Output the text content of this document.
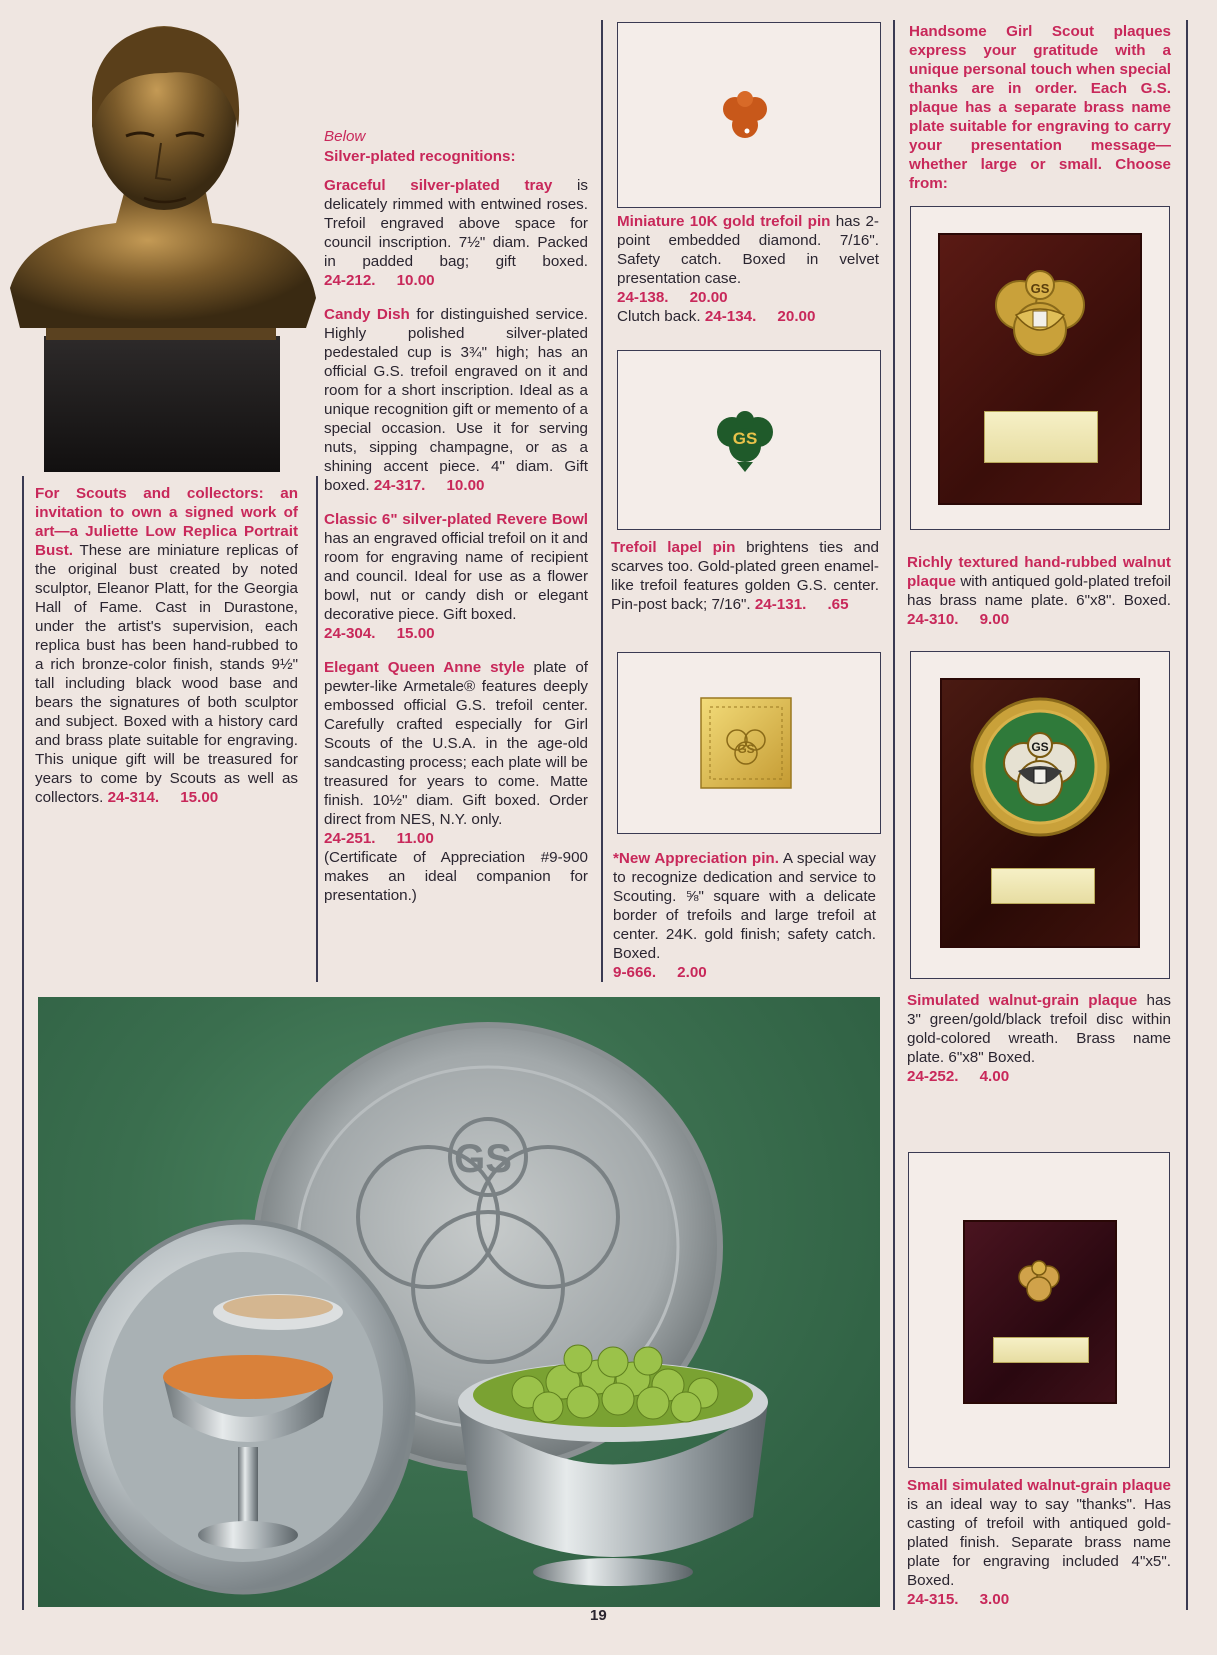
For Scouts and collectors: an invitation to own a signed work of art—a Juliette Low Replica Portrait Bust. These are miniature replicas of the original bust created by noted sculptor, Eleanor Platt, for the Georgia Hall of Fame. Cast in Durastone, under the artist's supervision, each replica bust has been hand-rubbed to a rich bronze-color finish, stands 9½" tall including black wood base and bears the signatures of both sculptor and subject. Boxed with a history card and brass plate suitable for engraving. This unique gift will be treasured for years to come by Scouts as well as collectors. 24-314.     15.00
Below
Silver-plated recognitions:

Graceful silver-plated tray is delicately rimmed with entwined roses. Trefoil engraved above space for council inscription. 7½" diam. Packed in padded bag; gift boxed. 24-212.     10.00

Candy Dish for distinguished service. Highly polished silver-plated pedestaled cup is 3¾" high; has an official G.S. trefoil engraved on it and room for a short inscription. Ideal as a unique recognition gift or memento of a special occasion. Use it for serving nuts, sipping champagne, or as a shining accent piece. 4" diam. Gift boxed. 24-317.     10.00

Classic 6" silver-plated Revere Bowl has an engraved official trefoil on it and room for engraving name of recipient and council. Ideal for use as a flower bowl, nut or candy dish or elegant decorative piece. Gift boxed.
24-304.     15.00

Elegant Queen Anne style plate of pewter-like Armetale® features deeply embossed official G.S. trefoil center. Carefully crafted especially for Girl Scouts of the U.S.A. in the age-old sandcasting process; each plate will be treasured for years to come. Matte finish. 10½" diam. Gift boxed. Order direct from NES, N.Y. only.
24-251.     11.00
(Certificate of Appreciation #9-900 makes an ideal companion for presentation.)

Miniature 10K gold trefoil pin has 2-point embedded diamond. 7/16". Safety catch. Boxed in velvet presentation case.
24-138.     20.00
Clutch back. 24-134.     20.00
GS
Trefoil lapel pin brightens ties and scarves too. Gold-plated green enamel-like trefoil features golden G.S. center. Pin-post back; 7/16". 24-131.     .65
GS
*New Appreciation pin. A special way to recognize dedication and service to Scouting. ⅝" square with a delicate border of trefoils and large trefoil at center. 24K. gold finish; safety catch. Boxed.
9-666.     2.00
Handsome Girl Scout plaques express your gratitude with a unique personal touch when special thanks are in order. Each G.S. plaque has a separate brass name plate suitable for engraving to carry your presentation message—whether large or small. Choose from:
GS
Richly textured hand-rubbed walnut plaque with antiqued gold-plated trefoil has brass name plate. 6"x8". Boxed. 24-310.     9.00
GS
Simulated walnut-grain plaque has 3" green/gold/black trefoil disc within gold-colored wreath. Brass name plate. 6"x8" Boxed.
24-252.     4.00
Small simulated walnut-grain plaque is an ideal way to say "thanks". Has casting of trefoil with antiqued gold-plated finish. Separate brass name plate for engraving included 4"x5". Boxed.
24-315.     3.00
GS
19
